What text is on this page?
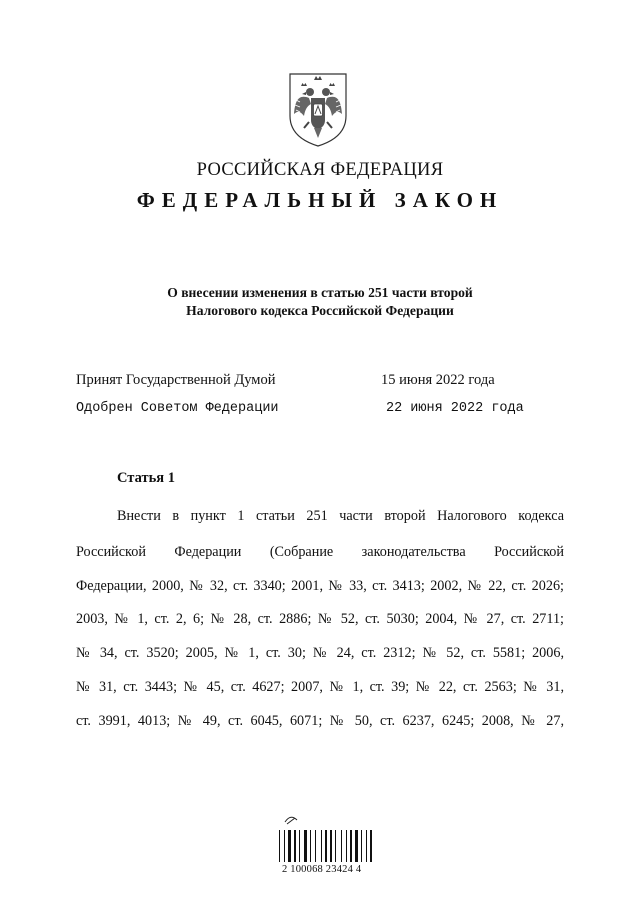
РОССИЙСКАЯ ФЕДЕРАЦИЯ
ФЕДЕРАЛЬНЫЙ ЗАКОН
О внесении изменения в статью 251 части второй
Налогового кодекса Российской Федерации
Принят Государственной Думой	15 июня 2022 года
Одобрен Советом Федерации	22 июня 2022 года
Статья 1
Внести в пункт 1 статьи 251 части второй Налогового кодекса
Российской Федерации (Собрание законодательства Российской
Федерации, 2000, № 32, ст. 3340; 2001, № 33, ст. 3413; 2002, № 22, ст. 2026;
2003, № 1, ст. 2, 6; № 28, ст. 2886; № 52, ст. 5030; 2004, № 27, ст. 2711;
№ 34, ст. 3520; 2005, № 1, ст. 30; № 24, ст. 2312; № 52, ст. 5581; 2006,
№ 31, ст. 3443; № 45, ст. 4627; 2007, № 1, ст. 39; № 22, ст. 2563; № 31,
ст. 3991, 4013; № 49, ст. 6045, 6071; № 50, ст. 6237, 6245; 2008, № 27,
2 100068 23424 4
